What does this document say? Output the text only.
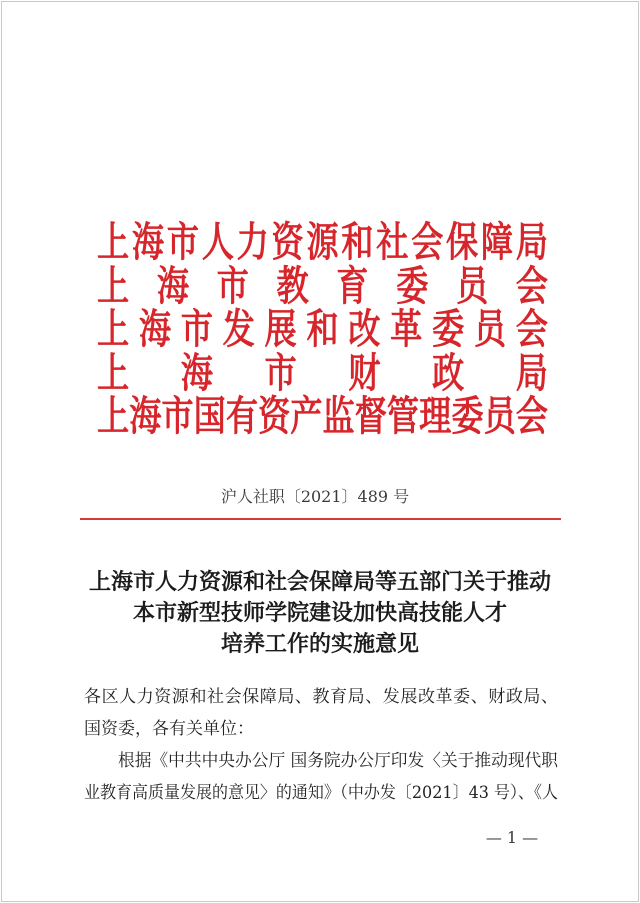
上海市人力资源和社会保障局
上 海 市 教 育 委 员 会
上海市发展和改革委员会
上 海 市 财 政 局
上海市国有资产监督管理委员会
沪人社职〔2021〕489 号
上海市人力资源和社会保障局等五部门关于推动
本市新型技师学院建设加快高技能人才
培养工作的实施意见
各区人力资源和社会保障局、教育局、发展改革委、财政局、
国资委，各有关单位：
根据《中共中央办公厅 国务院办公厅印发〈关于推动现代职
业教育高质量发展的意见〉的通知》（中办发〔2021〕43 号）、《人
— 1 —
